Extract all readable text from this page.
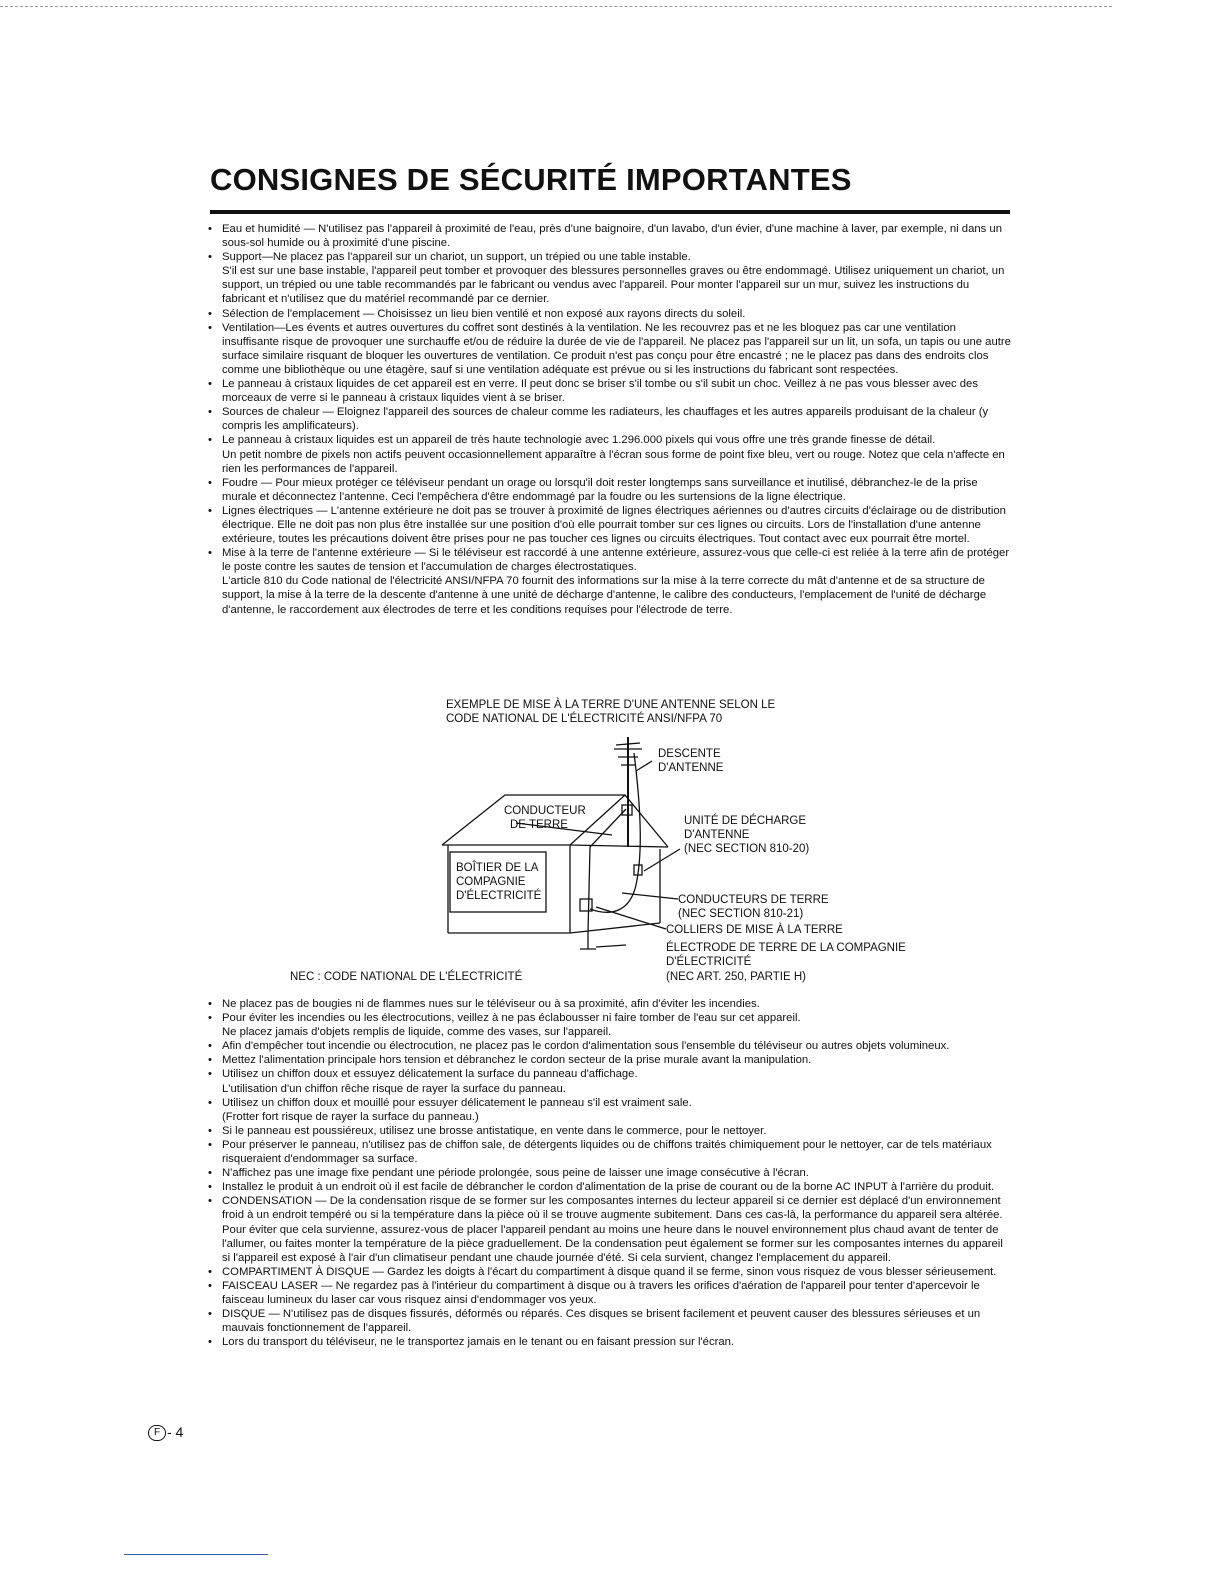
CONSIGNES DE SÉCURITÉ IMPORTANTES
• Eau et humidité — N'utilisez pas l'appareil à proximité de l'eau, près d'une baignoire, d'un lavabo, d'un évier, d'une machine à laver, par exemple, ni dans un sous-sol humide ou à proximité d'une piscine.
• Support—Ne placez pas l'appareil sur un chariot, un support, un trépied ou une table instable.
S'il est sur une base instable, l'appareil peut tomber et provoquer des blessures personnelles graves ou être endommagé. Utilisez uniquement un chariot, un support, un trépied ou une table recommandés par le fabricant ou vendus avec l'appareil. Pour monter l'appareil sur un mur, suivez les instructions du fabricant et n'utilisez que du matériel recommandé par ce dernier.
• Sélection de l'emplacement — Choisissez un lieu bien ventilé et non exposé aux rayons directs du soleil.
• Ventilation—Les évents et autres ouvertures du coffret sont destinés à la ventilation. Ne les recouvrez pas et ne les bloquez pas car une ventilation insuffisante risque de provoquer une surchauffe et/ou de réduire la durée de vie de l'appareil. Ne placez pas l'appareil sur un lit, un sofa, un tapis ou une autre surface similaire risquant de bloquer les ouvertures de ventilation. Ce produit n'est pas conçu pour être encastré ; ne le placez pas dans des endroits clos comme une bibliothèque ou une étagère, sauf si une ventilation adéquate est prévue ou si les instructions du fabricant sont respectées.
• Le panneau à cristaux liquides de cet appareil est en verre. Il peut donc se briser s'il tombe ou s'il subit un choc. Veillez à ne pas vous blesser avec des morceaux de verre si le panneau à cristaux liquides vient à se briser.
• Sources de chaleur — Eloignez l'appareil des sources de chaleur comme les radiateurs, les chauffages et les autres appareils produisant de la chaleur (y compris les amplificateurs).
• Le panneau à cristaux liquides est un appareil de très haute technologie avec 1.296.000 pixels qui vous offre une très grande finesse de détail.
Un petit nombre de pixels non actifs peuvent occasionnellement apparaître à l'écran sous forme de point fixe bleu, vert ou rouge. Notez que cela n'affecte en rien les performances de l'appareil.
• Foudre — Pour mieux protéger ce téléviseur pendant un orage ou lorsqu'il doit rester longtemps sans surveillance et inutilisé, débranchez-le de la prise murale et déconnectez l'antenne. Ceci l'empêchera d'être endommagé par la foudre ou les surtensions de la ligne électrique.
• Lignes électriques — L'antenne extérieure ne doit pas se trouver à proximité de lignes électriques aériennes ou d'autres circuits d'éclairage ou de distribution électrique. Elle ne doit pas non plus être installée sur une position d'où elle pourrait tomber sur ces lignes ou circuits. Lors de l'installation d'une antenne extérieure, toutes les précautions doivent être prises pour ne pas toucher ces lignes ou circuits électriques. Tout contact avec eux pourrait être mortel.
• Mise à la terre de l'antenne extérieure — Si le téléviseur est raccordé à une antenne extérieure, assurez-vous que celle-ci est reliée à la terre afin de protéger le poste contre les sautes de tension et l'accumulation de charges électrostatiques.
L'article 810 du Code national de l'électricité ANSI/NFPA 70 fournit des informations sur la mise à la terre correcte du mât d'antenne et de sa structure de support, la mise à la terre de la descente d'antenne à une unité de décharge d'antenne, le calibre des conducteurs, l'emplacement de l'unité de décharge d'antenne, le raccordement aux électrodes de terre et les conditions requises pour l'électrode de terre.
EXEMPLE DE MISE À LA TERRE D'UNE ANTENNE SELON LE
CODE NATIONAL DE L'ÉLECTRICITÉ ANSI/NFPA 70
DESCENTE
D'ANTENNE
CONDUCTEUR
DE TERRE	UNITÉ DE DÉCHARGE
D'ANTENNE
(NEC SECTION 810-20)
BOÎTIER DE LA
COMPAGNIE
D'ÉLECTRICITÉ	CONDUCTEURS DE TERRE
(NEC SECTION 810-21)
COLLIERS DE MISE À LA TERRE
ÉLECTRODE DE TERRE DE LA COMPAGNIE
D'ÉLECTRICITÉ
(NEC ART. 250, PARTIE H)
NEC : CODE NATIONAL DE L'ÉLECTRICITÉ
• Ne placez pas de bougies ni de flammes nues sur le téléviseur ou à sa proximité, afin d'éviter les incendies.
• Pour éviter les incendies ou les électrocutions, veillez à ne pas éclabousser ni faire tomber de l'eau sur cet appareil.
Ne placez jamais d'objets remplis de liquide, comme des vases, sur l'appareil.
• Afin d'empêcher tout incendie ou électrocution, ne placez pas le cordon d'alimentation sous l'ensemble du téléviseur ou autres objets volumineux.
• Mettez l'alimentation principale hors tension et débranchez le cordon secteur de la prise murale avant la manipulation.
• Utilisez un chiffon doux et essuyez délicatement la surface du panneau d'affichage.
L'utilisation d'un chiffon rêche risque de rayer la surface du panneau.
• Utilisez un chiffon doux et mouillé pour essuyer délicatement le panneau s'il est vraiment sale.
(Frotter fort risque de rayer la surface du panneau.)
• Si le panneau est poussiéreux, utilisez une brosse antistatique, en vente dans le commerce, pour le nettoyer.
• Pour préserver le panneau, n'utilisez pas de chiffon sale, de détergents liquides ou de chiffons traités chimiquement pour le nettoyer, car de tels matériaux risqueraient d'endommager sa surface.
• N'affichez pas une image fixe pendant une période prolongée, sous peine de laisser une image consécutive à l'écran.
• Installez le produit à un endroit où il est facile de débrancher le cordon d'alimentation de la prise de courant ou de la borne AC INPUT à l'arrière du produit.
• CONDENSATION — De la condensation risque de se former sur les composantes internes du lecteur appareil si ce dernier est déplacé d'un environnement froid à un endroit tempéré ou si la température dans la pièce où il se trouve augmente subitement. Dans ces cas-là, la performance du appareil sera altérée. Pour éviter que cela survienne, assurez-vous de placer l'appareil pendant au moins une heure dans le nouvel environnement plus chaud avant de tenter de l'allumer, ou faites monter la température de la pièce graduellement. De la condensation peut également se former sur les composantes internes du appareil si l'appareil est exposé à l'air d'un climatiseur pendant une chaude journée d'été. Si cela survient, changez l'emplacement du appareil.
• COMPARTIMENT À DISQUE — Gardez les doigts à l'écart du compartiment à disque quand il se ferme, sinon vous risquez de vous blesser sérieusement.
• FAISCEAU LASER — Ne regardez pas à l'intérieur du compartiment à disque ou à travers les orifices d'aération de l'appareil pour tenter d'apercevoir le faisceau lumineux du laser car vous risquez ainsi d'endommager vos yeux.
• DISQUE — N'utilisez pas de disques fissurés, déformés ou réparés. Ces disques se brisent facilement et peuvent causer des blessures sérieuses et un mauvais fonctionnement de l'appareil.
• Lors du transport du téléviseur, ne le transportez jamais en le tenant ou en faisant pression sur l'écran.
F - 4
